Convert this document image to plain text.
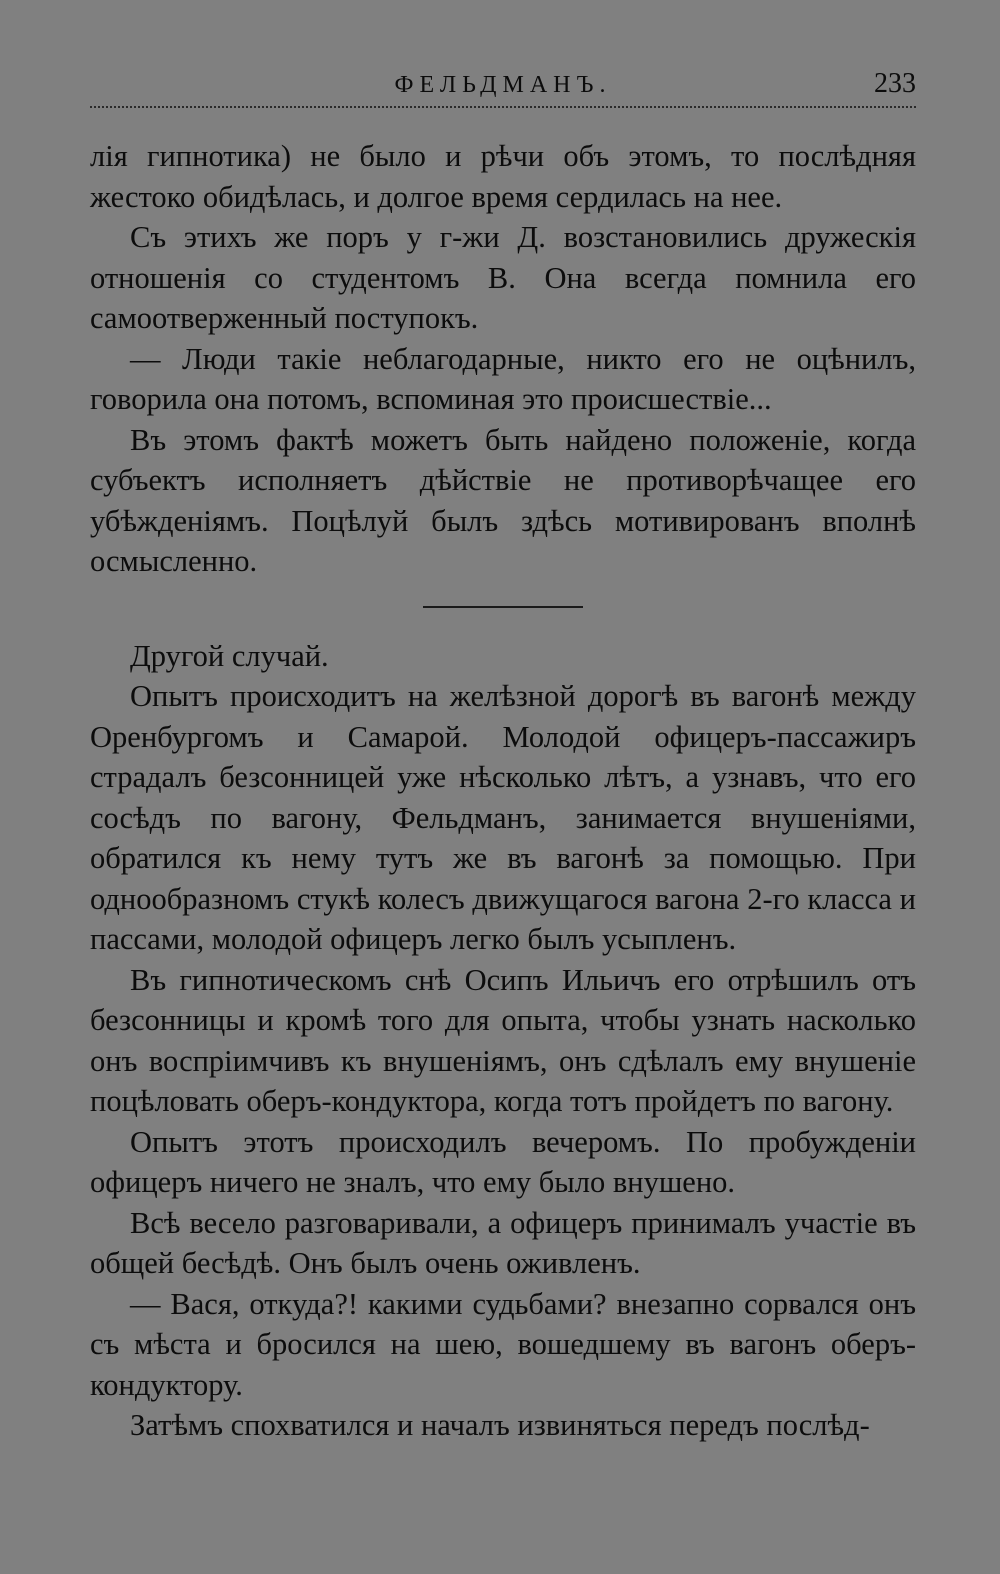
ФЕЛЬДМАНЪ.	233

лія гипнотика) не было и рѣчи объ этомъ, то послѣдняя жестоко обидѣлась, и долгое время сердилась на нее.

Съ этихъ же поръ у г-жи Д. возстановились дружескія отношенія со студентомъ В. Она всегда помнила его самоотверженный поступокъ.

— Люди такіе неблагодарные, никто его не оцѣнилъ, говорила она потомъ, вспоминая это происшествіе...

Въ этомъ фактѣ можетъ быть найдено положеніе, когда субъектъ исполняетъ дѣйствіе не противорѣчащее его убѣжденіямъ. Поцѣлуй былъ здѣсь мотивированъ вполнѣ осмысленно.

Другой случай.

Опытъ происходитъ на желѣзной дорогѣ въ вагонѣ между Оренбургомъ и Самарой. Молодой офицеръ-пассажиръ страдалъ безсонницей уже нѣсколько лѣтъ, а узнавъ, что его сосѣдъ по вагону, Фельдманъ, занимается внушеніями, обратился къ нему тутъ же въ вагонѣ за помощью. При однообразномъ стукѣ колесъ движущагося вагона 2-го класса и пассами, молодой офицеръ легко былъ усыпленъ.

Въ гипнотическомъ снѣ Осипъ Ильичъ его отрѣшилъ отъ безсонницы и кромѣ того для опыта, чтобы узнать насколько онъ воспріимчивъ къ внушеніямъ, онъ сдѣлалъ ему внушеніе поцѣловать оберъ-кондуктора, когда тотъ пройдетъ по вагону.

Опытъ этотъ происходилъ вечеромъ. По пробужденіи офицеръ ничего не зналъ, что ему было внушено.

Всѣ весело разговаривали, а офицеръ принималъ участіе въ общей бесѣдѣ. Онъ былъ очень оживленъ.

— Вася, откуда?! какими судьбами? внезапно сорвался онъ съ мѣста и бросился на шею, вошедшему въ вагонъ оберъ-кондуктору.

Затѣмъ спохватился и началъ извиняться передъ послѣд-
